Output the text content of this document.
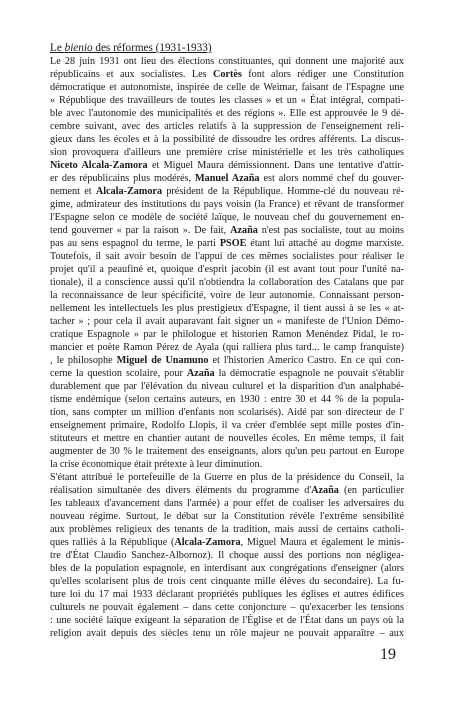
Le bienio des réformes (1931-1933)
Le 28 juin 1931 ont lieu des élections constituantes, qui donnent une majorité aux
républicains et aux socialistes. Les Cortès font alors rédiger une Constitution
démocratique et autonomiste, inspirée de celle de Weimar, faisant de l'Espagne une
« République des travailleurs de toutes les classes » et un « État intégral, compati-
ble avec l'autonomie des municipalités et des régions ». Elle est approuvée le 9 dé-
cembre suivant, avec des articles relatifs à la suppression de l'enseignement reli-
gieux dans les écoles et à la possibilité de dissoudre les ordres afférents. La discus-
sion provoquera d'ailleurs une première crise ministérielle et les très catholiques
Niceto Alcala-Zamora et Miguel Maura démissionnent. Dans une tentative d'attir-
er des républicains plus modérés, Manuel Azaña est alors nommé chef du gouver-
nement et Alcala-Zamora président de la République. Homme-clé du nouveau ré-
gime, admirateur des institutions du pays voisin (la France) et rêvant de transformer
l'Espagne selon ce modèle de société laïque, le nouveau chef du gouvernement en-
tend gouverner « par la raison ». De fait, Azaña n'est pas socialiste, tout au moins
pas au sens espagnol du terme, le parti PSOE étant lui attaché au dogme marxiste.
Toutefois, il sait avoir besoin de l'appui de ces mêmes socialistes pour réaliser le
projet qu'il a peaufiné et, quoique d'esprit jacobin (il est avant tout pour l'unité na-
tionale), il a conscience aussi qu'il n'obtiendra la collaboration des Catalans que par
la reconnaissance de leur spécificité, voire de leur autonomie. Connaissant person-
nellement les intellectuels les plus prestigieux d'Espagne, il tient aussi à se les « at-
tacher » ; pour cela il avait auparavant fait signer un « manifeste de l'Union Démo-
cratique Espagnole » par le philologue et historien Ramon Menéndez Pidal, le ro-
mancier et poète Ramon Pérez de Ayala (qui ralliera plus tard... le camp franquiste)
, le philosophe Miguel de Unamuno et l'historien Americo Castro. En ce qui con-
cerne la question scolaire, pour Azaña la démocratie espagnole ne pouvait s'établir
durablement que par l'élévation du niveau culturel et la disparition d'un analphabé-
tisme endémique (selon certains auteurs, en 1930 : entre 30 et 44 % de la popula-
tion, sans compter un million d'enfants non scolarisés). Aidé par son directeur de l'
enseignement primaire, Rodolfo Llopis, il va créer d'emblée sept mille postes d'in-
stituteurs et mettre en chantier autant de nouvelles écoles. En même temps, il fait
augmenter de 30 % le traitement des enseignants, alors qu'un peu partout en Europe
la crise économique était prétexte à leur diminution.
S'étant attribué le portefeuille de la Guerre en plus de la présidence du Conseil, la
réalisation simultanée des divers éléments du programme d'Azaña (en particulier
les tableaux d'avancement dans l'armée) a pour effet de coaliser les adversaires du
nouveau régime. Surtout, le débat sur la Constitution révèle l'extrême sensibilité
aux problèmes religieux des tenants de la tradition, mais aussi de certains catholi-
ques ralliés à la République (Alcala-Zamora, Miguel Maura et également le minis-
tre d'État Claudio Sanchez-Albornoz). Il choque aussi des portions non négligea-
bles de la population espagnole, en interdisant aux congrégations d'enseigner (alors
qu'elles scolarisent plus de trois cent cinquante mille élèves du secondaire). La fu-
ture loi du 17 mai 1933 déclarant propriétés publiques les églises et autres édifices
culturels ne pouvait également – dans cette conjoncture – qu'exacerber les tensions
: une société laïque exigeant la séparation de l'Église et de l'État dans un pays où la
religion avait depuis des siècles tenu un rôle majeur ne pouvait apparaître – aux
19
